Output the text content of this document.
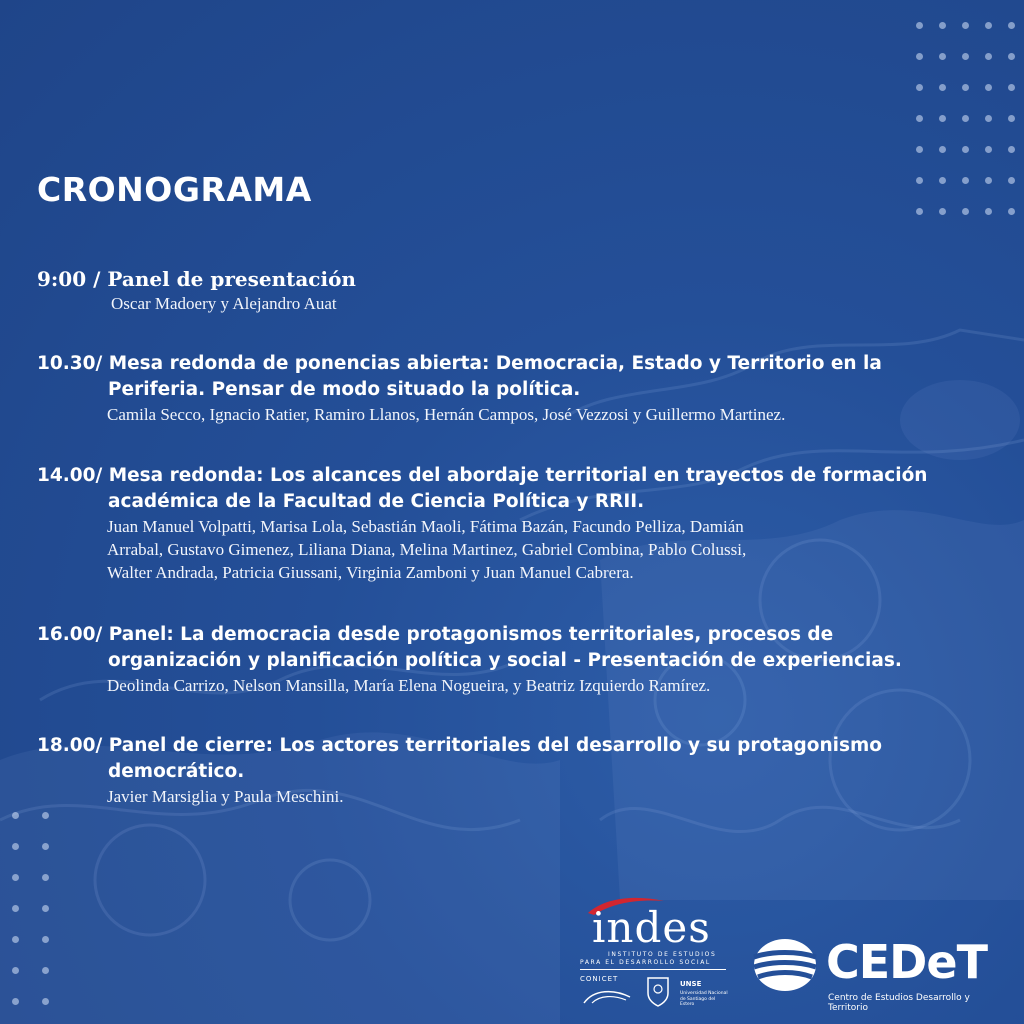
CRONOGRAMA
9:00 / Panel de presentación
Oscar Madoery y Alejandro Auat
10.30/ Mesa redonda de ponencias abierta: Democracia, Estado y Territorio en la
Periferia. Pensar de modo situado la política.
Camila Secco, Ignacio Ratier, Ramiro Llanos, Hernán Campos, José Vezzosi y Guillermo Martinez.
14.00/ Mesa redonda: Los alcances del abordaje territorial en trayectos de formación
académica de la Facultad de Ciencia Política y RRII.
Juan Manuel Volpatti, Marisa Lola, Sebastián Maoli, Fátima Bazán, Facundo Pelliza, Damián
Arrabal, Gustavo Gimenez, Liliana Diana, Melina Martinez, Gabriel Combina, Pablo Colussi,
Walter Andrada, Patricia Giussani, Virginia Zamboni y Juan Manuel Cabrera.
16.00/ Panel: La democracia desde protagonismos territoriales, procesos de
organización y planificación política y social - Presentación de experiencias.
Deolinda Carrizo, Nelson Mansilla, María Elena Nogueira, y Beatriz Izquierdo Ramírez.
18.00/ Panel de cierre: Los actores territoriales del desarrollo y su protagonismo
democrático.
Javier Marsiglia y Paula Meschini.
indes
INSTITUTO DE ESTUDIOS
PARA EL DESARROLLO SOCIAL
CONICET
UNSE
Universidad Nacional de Santiago del Estero
CEDeT
Centro de Estudios Desarrollo y Territorio
